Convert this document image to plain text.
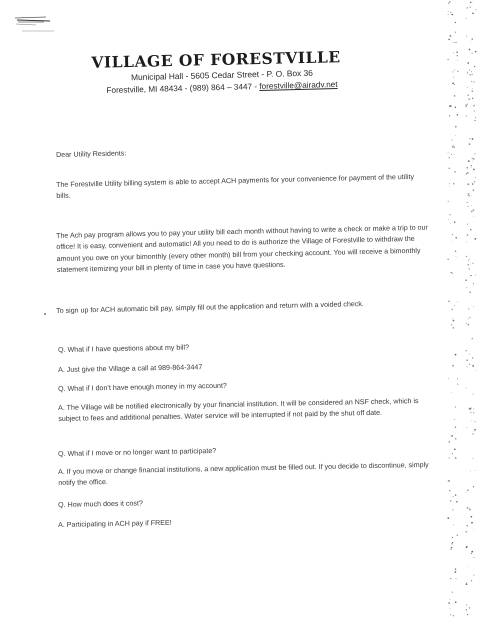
VILLAGE OF FORESTVILLE
Municipal Hall - 5605 Cedar Street - P. O. Box 36
Forestville, MI 48434 - (989) 864 – 3447 - forestville@airadv.net
Dear Utility Residents:
The Forestville Utility billing system is able to accept ACH payments for your convenience for payment of the utility bills.
The Ach pay program allows you to pay your utility bill each month without having to write a check or make a trip to our office! It is easy, convenient and automatic! All you need to do is authorize the Village of Forestville to withdraw the amount you owe on your bimonthly (every other month) bill from your checking account. You will receive a bimonthly statement itemizing your bill in plenty of time in case you have questions.
To sign up for ACH automatic bill pay, simply fill out the application and return with a voided check.
Q. What if I have questions about my bill?
A. Just give the Village a call at 989-864-3447
Q. What if I don’t have enough money in my account?
A. The Village will be notified electronically by your financial institution. It will be considered an NSF check, which is subject to fees and additional penalties. Water service will be interrupted if not paid by the shut off date.
Q. What if I move or no longer want to participate?
A. If you move or change financial institutions, a new application must be filled out. If you decide to discontinue, simply notify the office.
Q. How much does it cost?
A. Participating in ACH pay if FREE!
